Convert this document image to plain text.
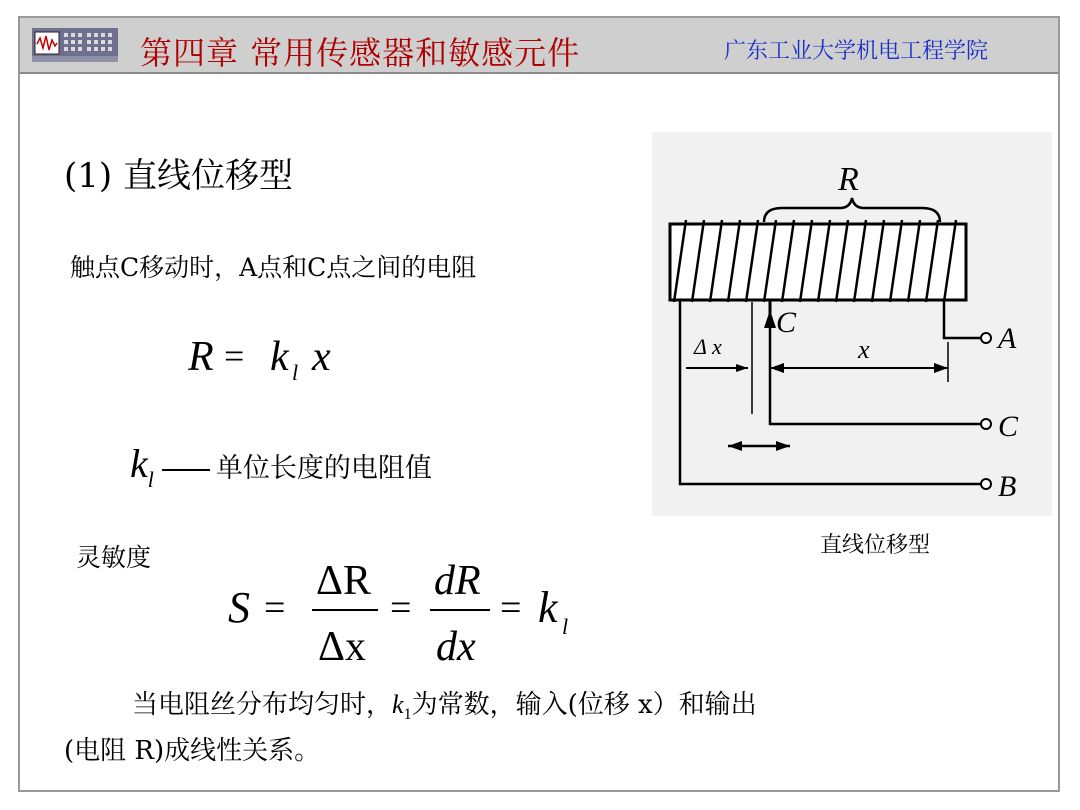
第四章 常用传感器和敏感元件	广东工业大学机电工程学院
(1) 直线位移型
触点C移动时，A点和C点之间的电阻
R = k l x
$k_l$ 单位长度的电阻值
灵敏度
S =
ΔR
Δx
=
dR
dx
= k l
当电阻丝分布均匀时，$k_1$为常数，输入(位移 x）和输出
(电阻 R)成线性关系。
R
C
Δ x	x	A
C
B
直线位移型
